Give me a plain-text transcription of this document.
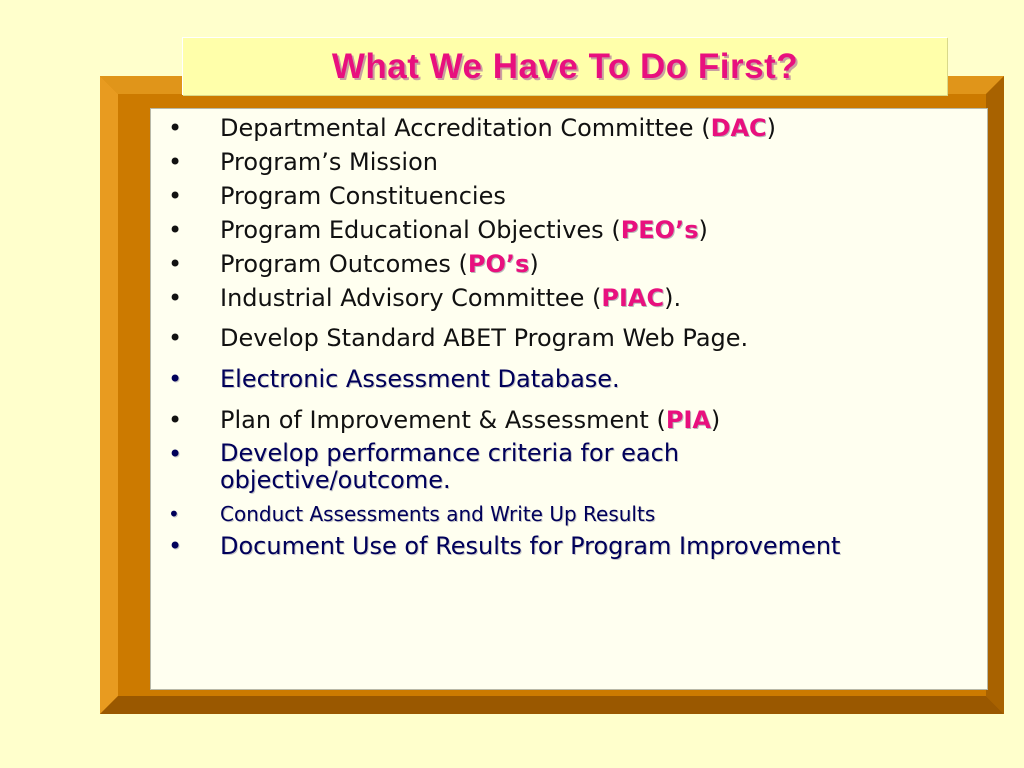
What We Have To Do First?
• Departmental Accreditation Committee (DAC)
• Program’s Mission
• Program Constituencies
• Program Educational Objectives (PEO’s)
• Program Outcomes (PO’s)
• Industrial Advisory Committee (PIAC).
• Develop Standard ABET Program Web Page.
• Electronic Assessment Database.
• Plan of Improvement & Assessment (PIA)
• Develop performance criteria for each objective/outcome.
• Conduct Assessments and Write Up Results
• Document Use of Results for Program Improvement
